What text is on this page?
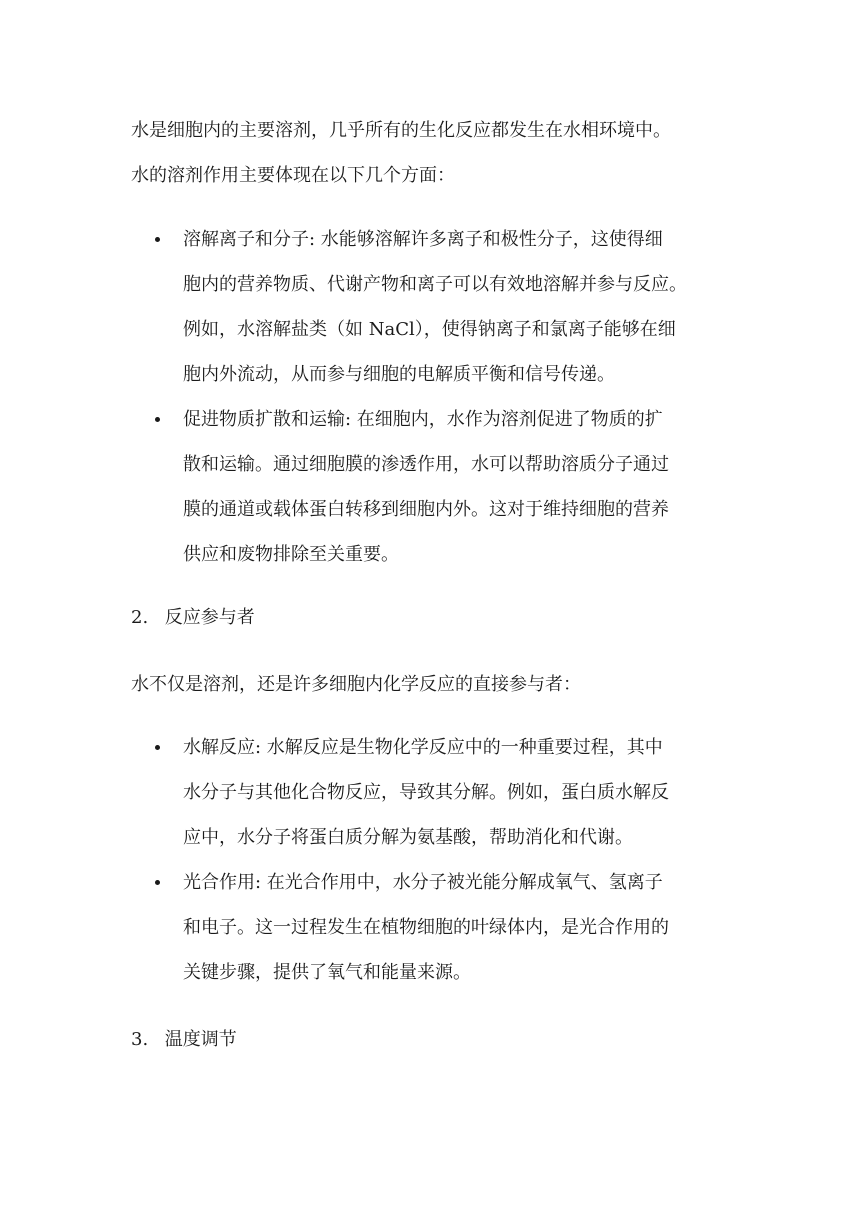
水是细胞内的主要溶剂，几乎所有的生化反应都发生在水相环境中。
水的溶剂作用主要体现在以下几个方面：
溶解离子和分子: 水能够溶解许多离子和极性分子，这使得细
胞内的营养物质、代谢产物和离子可以有效地溶解并参与反应。
例如，水溶解盐类（如 NaCl），使得钠离子和氯离子能够在细
胞内外流动，从而参与细胞的电解质平衡和信号传递。
促进物质扩散和运输: 在细胞内，水作为溶剂促进了物质的扩
散和运输。通过细胞膜的渗透作用，水可以帮助溶质分子通过
膜的通道或载体蛋白转移到细胞内外。这对于维持细胞的营养
供应和废物排除至关重要。
2. 反应参与者
水不仅是溶剂，还是许多细胞内化学反应的直接参与者：
水解反应: 水解反应是生物化学反应中的一种重要过程，其中
水分子与其他化合物反应，导致其分解。例如，蛋白质水解反
应中，水分子将蛋白质分解为氨基酸，帮助消化和代谢。
光合作用: 在光合作用中，水分子被光能分解成氧气、氢离子
和电子。这一过程发生在植物细胞的叶绿体内，是光合作用的
关键步骤，提供了氧气和能量来源。
3. 温度调节
